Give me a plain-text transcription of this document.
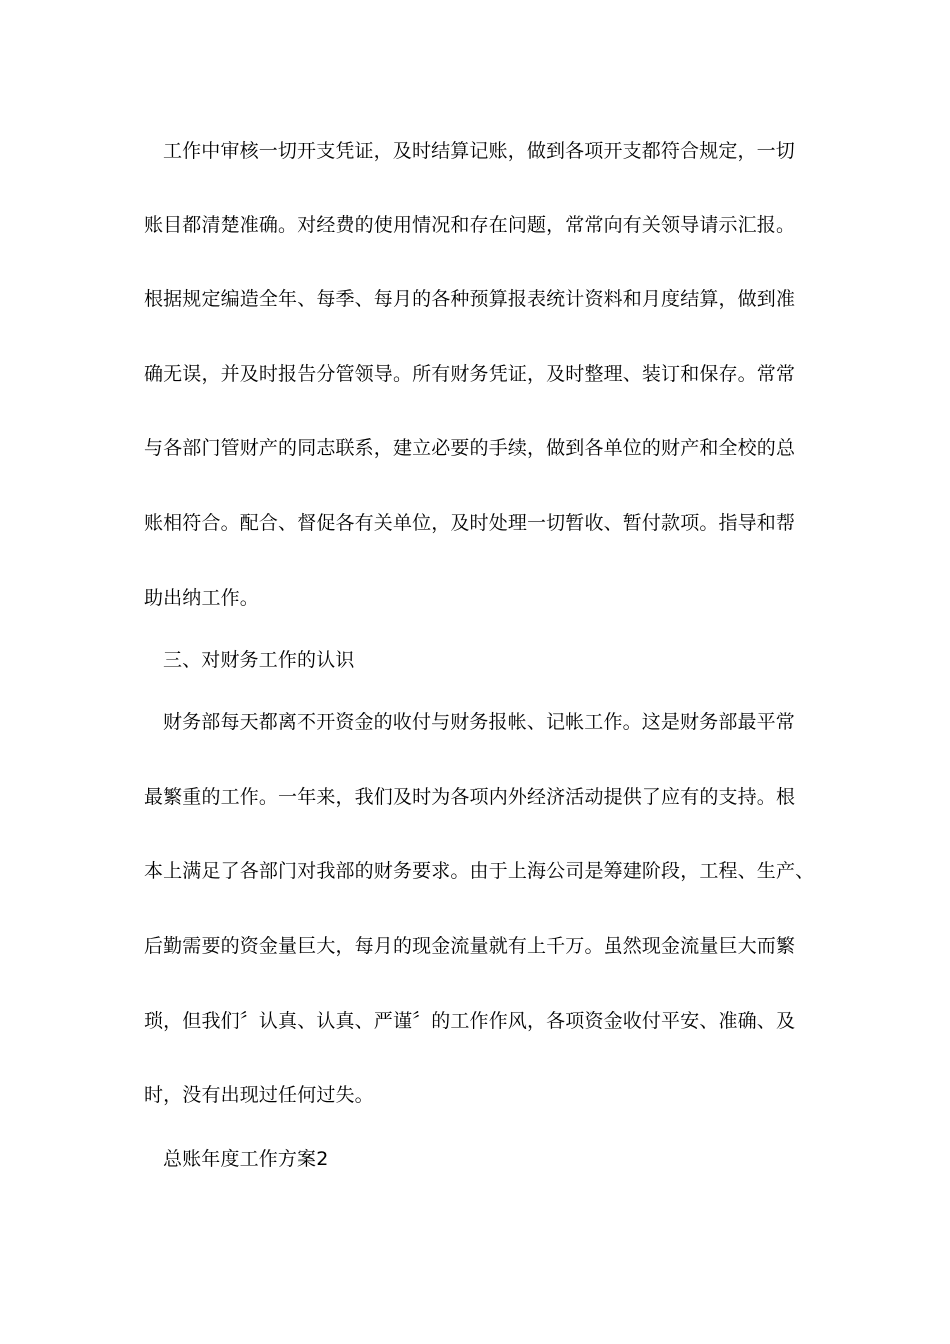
工作中审核一切开支凭证，及时结算记账，做到各项开支都符合规定，一切
账目都清楚准确。对经费的使用情况和存在问题，常常向有关领导请示汇报。
根据规定编造全年、每季、每月的各种预算报表统计资料和月度结算，做到准
确无误，并及时报告分管领导。所有财务凭证，及时整理、装订和保存。常常
与各部门管财产的同志联系，建立必要的手续，做到各单位的财产和全校的总
账相符合。配合、督促各有关单位，及时处理一切暂收、暂付款项。指导和帮
助出纳工作。
三、对财务工作的认识
财务部每天都离不开资金的收付与财务报帐、记帐工作。这是财务部最平常
最繁重的工作。一年来，我们及时为各项内外经济活动提供了应有的支持。根
本上满足了各部门对我部的财务要求。由于上海公司是筹建阶段，工程、生产、
后勤需要的资金量巨大，每月的现金流量就有上千万。虽然现金流量巨大而繁
琐，但我们〞认真、认真、严谨〞的工作作风，各项资金收付平安、准确、及
时，没有出现过任何过失。
总账年度工作方案2
